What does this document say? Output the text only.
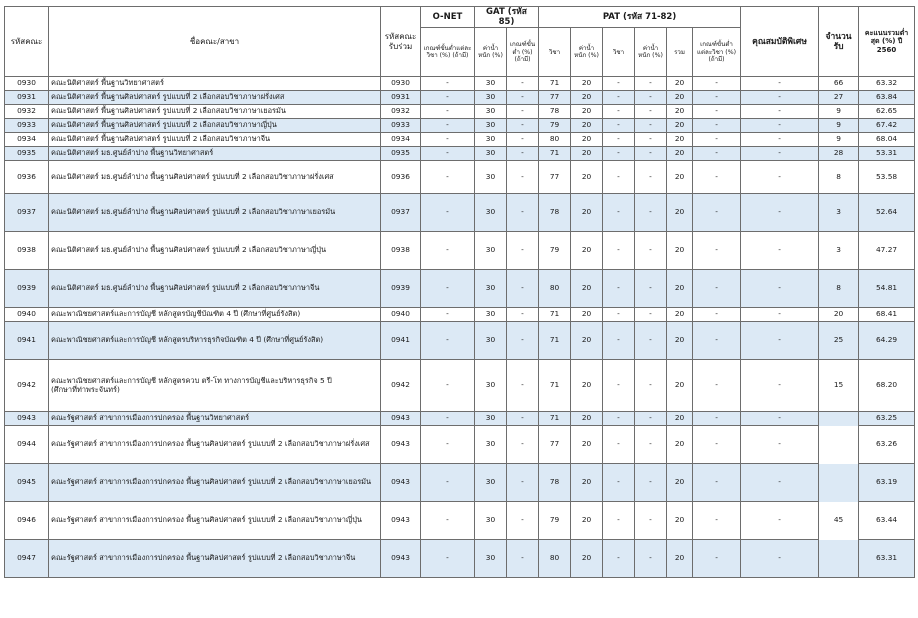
รหัสคณะ	ชื่อคณะ/สาขา	รหัสคณะ
รับร่วม	O-NET	GAT (รหัส 85)		PAT (รหัส 71-82)						คุณสมบัติพิเศษ	จำนวนรับ	คะแนนรวมต่ำสุด (%) ปี 2560
			เกณฑ์ขั้นต่ำแต่ละวิชา (%) (ถ้ามี)	ค่าน้ำหนัก (%)	เกณฑ์ขั้นต่ำ (%) (ถ้ามี)	วิชา	ค่าน้ำหนัก (%)	วิชา	ค่าน้ำหนัก (%)	รวม	เกณฑ์ขั้นต่ำแต่ละวิชา (%) (ถ้ามี)			
0930	คณะนิติศาสตร์ พื้นฐานวิทยาศาสตร์	0930	-	30	-	71	20	-	-	20	-	-	66	63.32
0931	คณะนิติศาสตร์ พื้นฐานศิลปศาสตร์ รูปแบบที่ 2 เลือกสอบวิชาภาษาฝรั่งเศส	0931	-	30	-	77	20	-	-	20	-	-	27	63.84
0932	คณะนิติศาสตร์ พื้นฐานศิลปศาสตร์ รูปแบบที่ 2 เลือกสอบวิชาภาษาเยอรมัน	0932	-	30	-	78	20	-	-	20	-	-	9	62.65
0933	คณะนิติศาสตร์ พื้นฐานศิลปศาสตร์ รูปแบบที่ 2 เลือกสอบวิชาภาษาญี่ปุ่น	0933	-	30	-	79	20	-	-	20	-	-	9	67.42
0934	คณะนิติศาสตร์ พื้นฐานศิลปศาสตร์ รูปแบบที่ 2 เลือกสอบวิชาภาษาจีน	0934	-	30	-	80	20	-	-	20	-	-	9	68.04
0935	คณะนิติศาสตร์ มธ.ศูนย์ลำปาง พื้นฐานวิทยาศาสตร์	0935	-	30	-	71	20	-	-	20	-	-	28	53.31
0936	คณะนิติศาสตร์ มธ.ศูนย์ลำปาง พื้นฐานศิลปศาสตร์ รูปแบบที่ 2 เลือกสอบวิชาภาษาฝรั่งเศส	0936	-	30	-	77	20	-	-	20	-	-	8	53.58
0937	คณะนิติศาสตร์ มธ.ศูนย์ลำปาง พื้นฐานศิลปศาสตร์ รูปแบบที่ 2 เลือกสอบวิชาภาษาเยอรมัน	0937	-	30	-	78	20	-	-	20	-	-	3	52.64
0938	คณะนิติศาสตร์ มธ.ศูนย์ลำปาง พื้นฐานศิลปศาสตร์ รูปแบบที่ 2 เลือกสอบวิชาภาษาญี่ปุ่น	0938	-	30	-	79	20	-	-	20	-	-	3	47.27
0939	คณะนิติศาสตร์ มธ.ศูนย์ลำปาง พื้นฐานศิลปศาสตร์ รูปแบบที่ 2 เลือกสอบวิชาภาษาจีน	0939	-	30	-	80	20	-	-	20	-	-	8	54.81
0940	คณะพาณิชยศาสตร์และการบัญชี หลักสูตรบัญชีบัณฑิต 4 ปี (ศึกษาที่ศูนย์รังสิต)	0940	-	30	-	71	20	-	-	20	-	-	20	68.41
0941	คณะพาณิชยศาสตร์และการบัญชี หลักสูตรบริหารธุรกิจบัณฑิต 4 ปี (ศึกษาที่ศูนย์รังสิต)	0941	-	30	-	71	20	-	-	20	-	-	25	64.29
0942	คณะพาณิชยศาสตร์และการบัญชี หลักสูตรควบ ตรี-โท ทางการบัญชีและบริหารธุรกิจ 5 ปี
(ศึกษาที่ท่าพระจันทร์)	0942	-	30	-	71	20	-	-	20	-	-	15	68.20
0943	คณะรัฐศาสตร์ สาขาการเมืองการปกครอง พื้นฐานวิทยาศาสตร์	0943	-	30	-	71	20	-	-	20	-	-		63.25
0944	คณะรัฐศาสตร์ สาขาการเมืองการปกครอง พื้นฐานศิลปศาสตร์ รูปแบบที่ 2 เลือกสอบวิชาภาษาฝรั่งเศส	0943	-	30	-	77	20	-	-	20	-	-		63.26
0945	คณะรัฐศาสตร์ สาขาการเมืองการปกครอง พื้นฐานศิลปศาสตร์ รูปแบบที่ 2 เลือกสอบวิชาภาษาเยอรมัน	0943	-	30	-	78	20	-	-	20	-	-		63.19
0946	คณะรัฐศาสตร์ สาขาการเมืองการปกครอง พื้นฐานศิลปศาสตร์ รูปแบบที่ 2 เลือกสอบวิชาภาษาญี่ปุ่น	0943	-	30	-	79	20	-	-	20	-	-	45	63.44
0947	คณะรัฐศาสตร์ สาขาการเมืองการปกครอง พื้นฐานศิลปศาสตร์ รูปแบบที่ 2 เลือกสอบวิชาภาษาจีน	0943	-	30	-	80	20	-	-	20	-	-		63.31
